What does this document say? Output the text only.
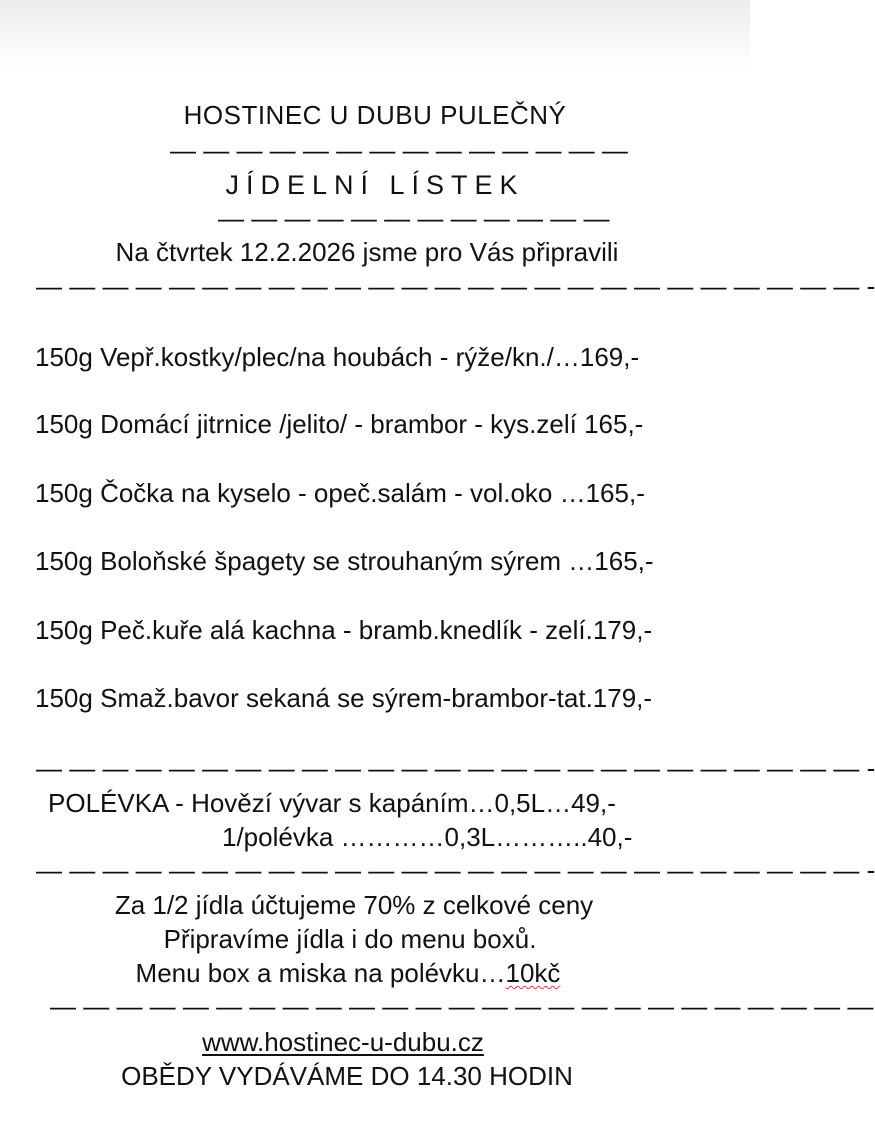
HOSTINEC U DUBU PULEČNÝ
— — — — — — — — — — — — — —
JÍDELNÍ LÍSTEK
— — — — — — — — — — — —
Na čtvrtek 12.2.2026 jsme pro Vás připravili
— — — — — — — — — — — — — — — — — — — — — — — — — -
150g Vepř.kostky/plec/na houbách - rýže/kn./…169,-
150g Domácí jitrnice /jelito/ - brambor - kys.zelí 165,-
150g Čočka na kyselo - opeč.salám - vol.oko …165,-
150g Boloňské špagety se strouhaným sýrem …165,-
150g Peč.kuře alá kachna - bramb.knedlík - zelí.179,-
150g Smaž.bavor sekaná se sýrem-brambor-tat.179,-
— — — — — — — — — — — — — — — — — — — — — — — — — -
POLÉVKA - Hovězí vývar s kapáním…0,5L…49,-
1/polévka …………0,3L………..40,-
— — — — — — — — — — — — — — — — — — — — — — — — — -
Za 1/2 jídla účtujeme 70% z celkové ceny
Připravíme jídla i do menu boxů.
Menu box a miska na polévku…10kč
— — — — — — — — — — — — — — — — — — — — — — — — —
www.hostinec-u-dubu.cz
OBĚDY VYDÁVÁME DO 14.30 HODIN
